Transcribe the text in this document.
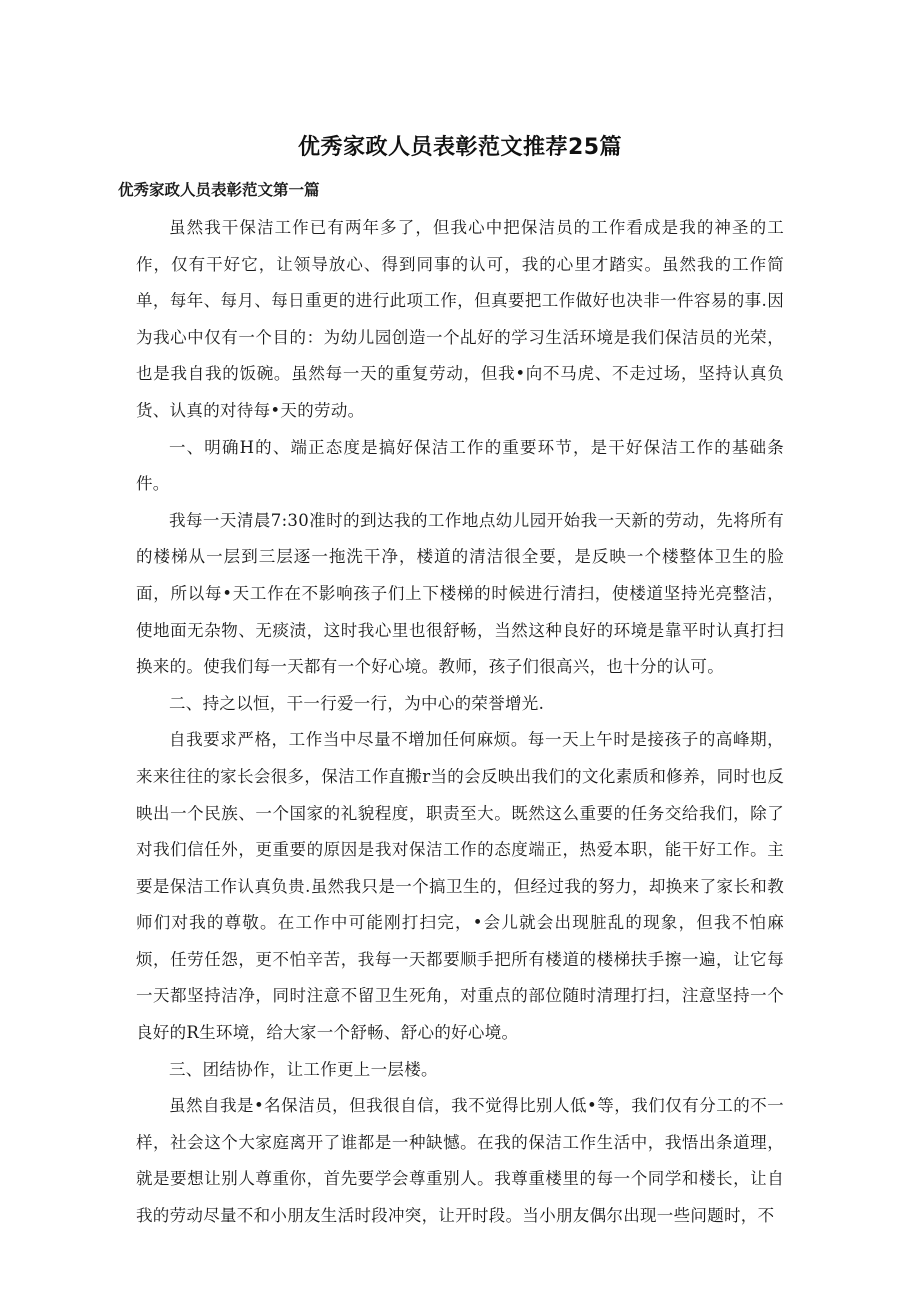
优秀家政人员表彰范文推荐25篇
优秀家政人员表彰范文第一篇

虽然我干保洁工作已有两年多了，但我心中把保洁员的工作看成是我的神圣的工作，仅有干好它，让领导放心、得到同事的认可，我的心里才踏实。虽然我的工作简单，每年、每月、每日重更的进行此项工作，但真要把工作做好也决非一件容易的事.因为我心中仅有一个目的：为幼儿园创造一个乩好的学习生活环境是我们保洁员的光荣，也是我自我的饭碗。虽然每一天的重复劳动，但我•向不马虎、不走过场，坚持认真负货、认真的对待每•天的劳动。

一、明确H的、端正态度是搞好保洁工作的重要环节，是干好保洁工作的基础条件。

我每一天清晨7:30准时的到达我的工作地点幼儿园开始我一天新的劳动，先将所有的楼梯从一层到三层逐一拖洗干净，楼道的清洁很全要，是反映一个楼整体卫生的脸面，所以每•天工作在不影响孩子们上下楼梯的时候进行清扫，使楼道坚持光亮整洁，使地面无杂物、无痰渍，这时我心里也很舒畅，当然这种良好的环境是靠平时认真打扫换来的。使我们每一天都有一个好心境。教师，孩子们很高兴，也十分的认可。

二、持之以恒，干一行爱一行，为中心的荣誉增光.

自我要求严格，工作当中尽量不增加任何麻烦。每一天上午时是接孩子的高峰期，来来往往的家长会很多，保洁工作直搬r当的会反映出我们的文化素质和修养，同时也反映出一个民族、一个国家的礼貌程度，职责至大。既然这么重要的任务交给我们，除了对我们信任外，更重要的原因是我对保洁工作的态度端正，热爱本职，能干好工作。主要是保洁工作认真负贵.虽然我只是一个搞卫生的，但经过我的努力，却换来了家长和教师们对我的尊敬。在工作中可能刚打扫完，•会儿就会出现脏乱的现象，但我不怕麻烦，任劳任怨，更不怕辛苦，我每一天都要顺手把所有楼道的楼梯扶手擦一遍，让它每一天都坚持洁净，同时注意不留卫生死角，对重点的部位随时清理打扫，注意坚持一个良好的R生环境，给大家一个舒畅、舒心的好心境。

三、团结协作，让工作更上一层楼。

虽然自我是•名保洁员，但我很自信，我不觉得比别人低•等，我们仅有分工的不一样，社会这个大家庭离开了谁都是一种缺憾。在我的保洁工作生活中，我悟出条道理，就是要想让别人尊重你，首先要学会尊重别人。我尊重楼里的每一个同学和楼长，让自我的劳动尽量不和小朋友生活时段冲突，让开时段。当小朋友偶尔出现一些问题时，不
